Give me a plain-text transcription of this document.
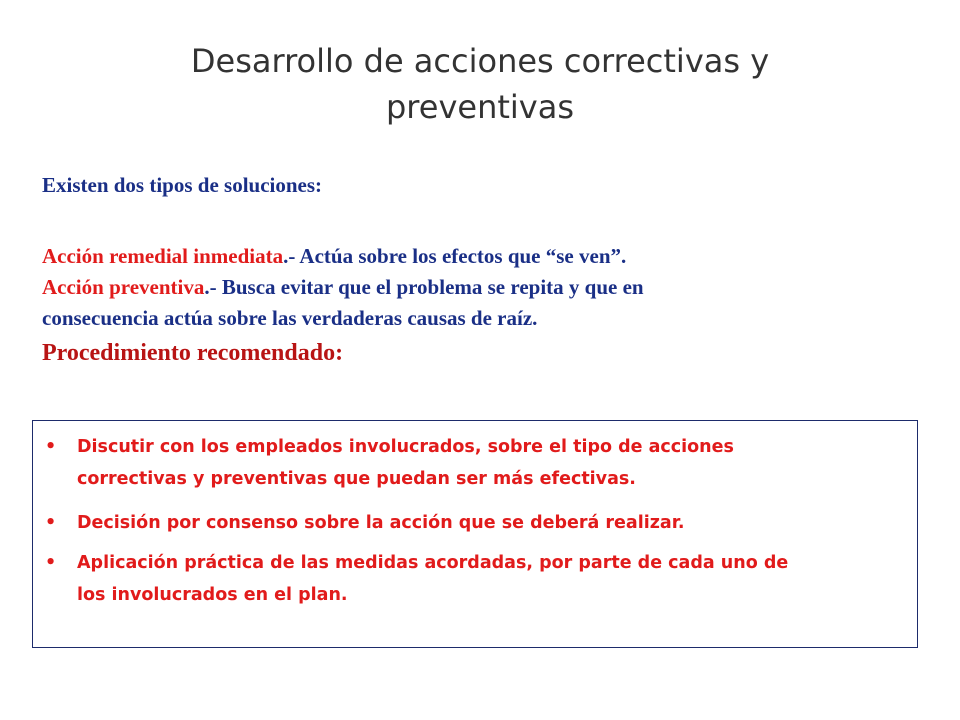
Desarrollo de acciones correctivas y
preventivas

Existen dos tipos de soluciones:

Acción remedial inmediata.- Actúa sobre los efectos que “se ven”.

Acción preventiva.- Busca evitar que el problema se repita y que en

consecuencia actúa sobre las verdaderas causas de raíz.

Procedimiento recomendado:

• Discutir con los empleados involucrados, sobre el tipo de acciones
correctivas y preventivas que puedan ser más efectivas.
• Decisión por consenso sobre la acción que se deberá realizar.
• Aplicación práctica de las medidas acordadas, por parte de cada uno de
los involucrados en el plan.
